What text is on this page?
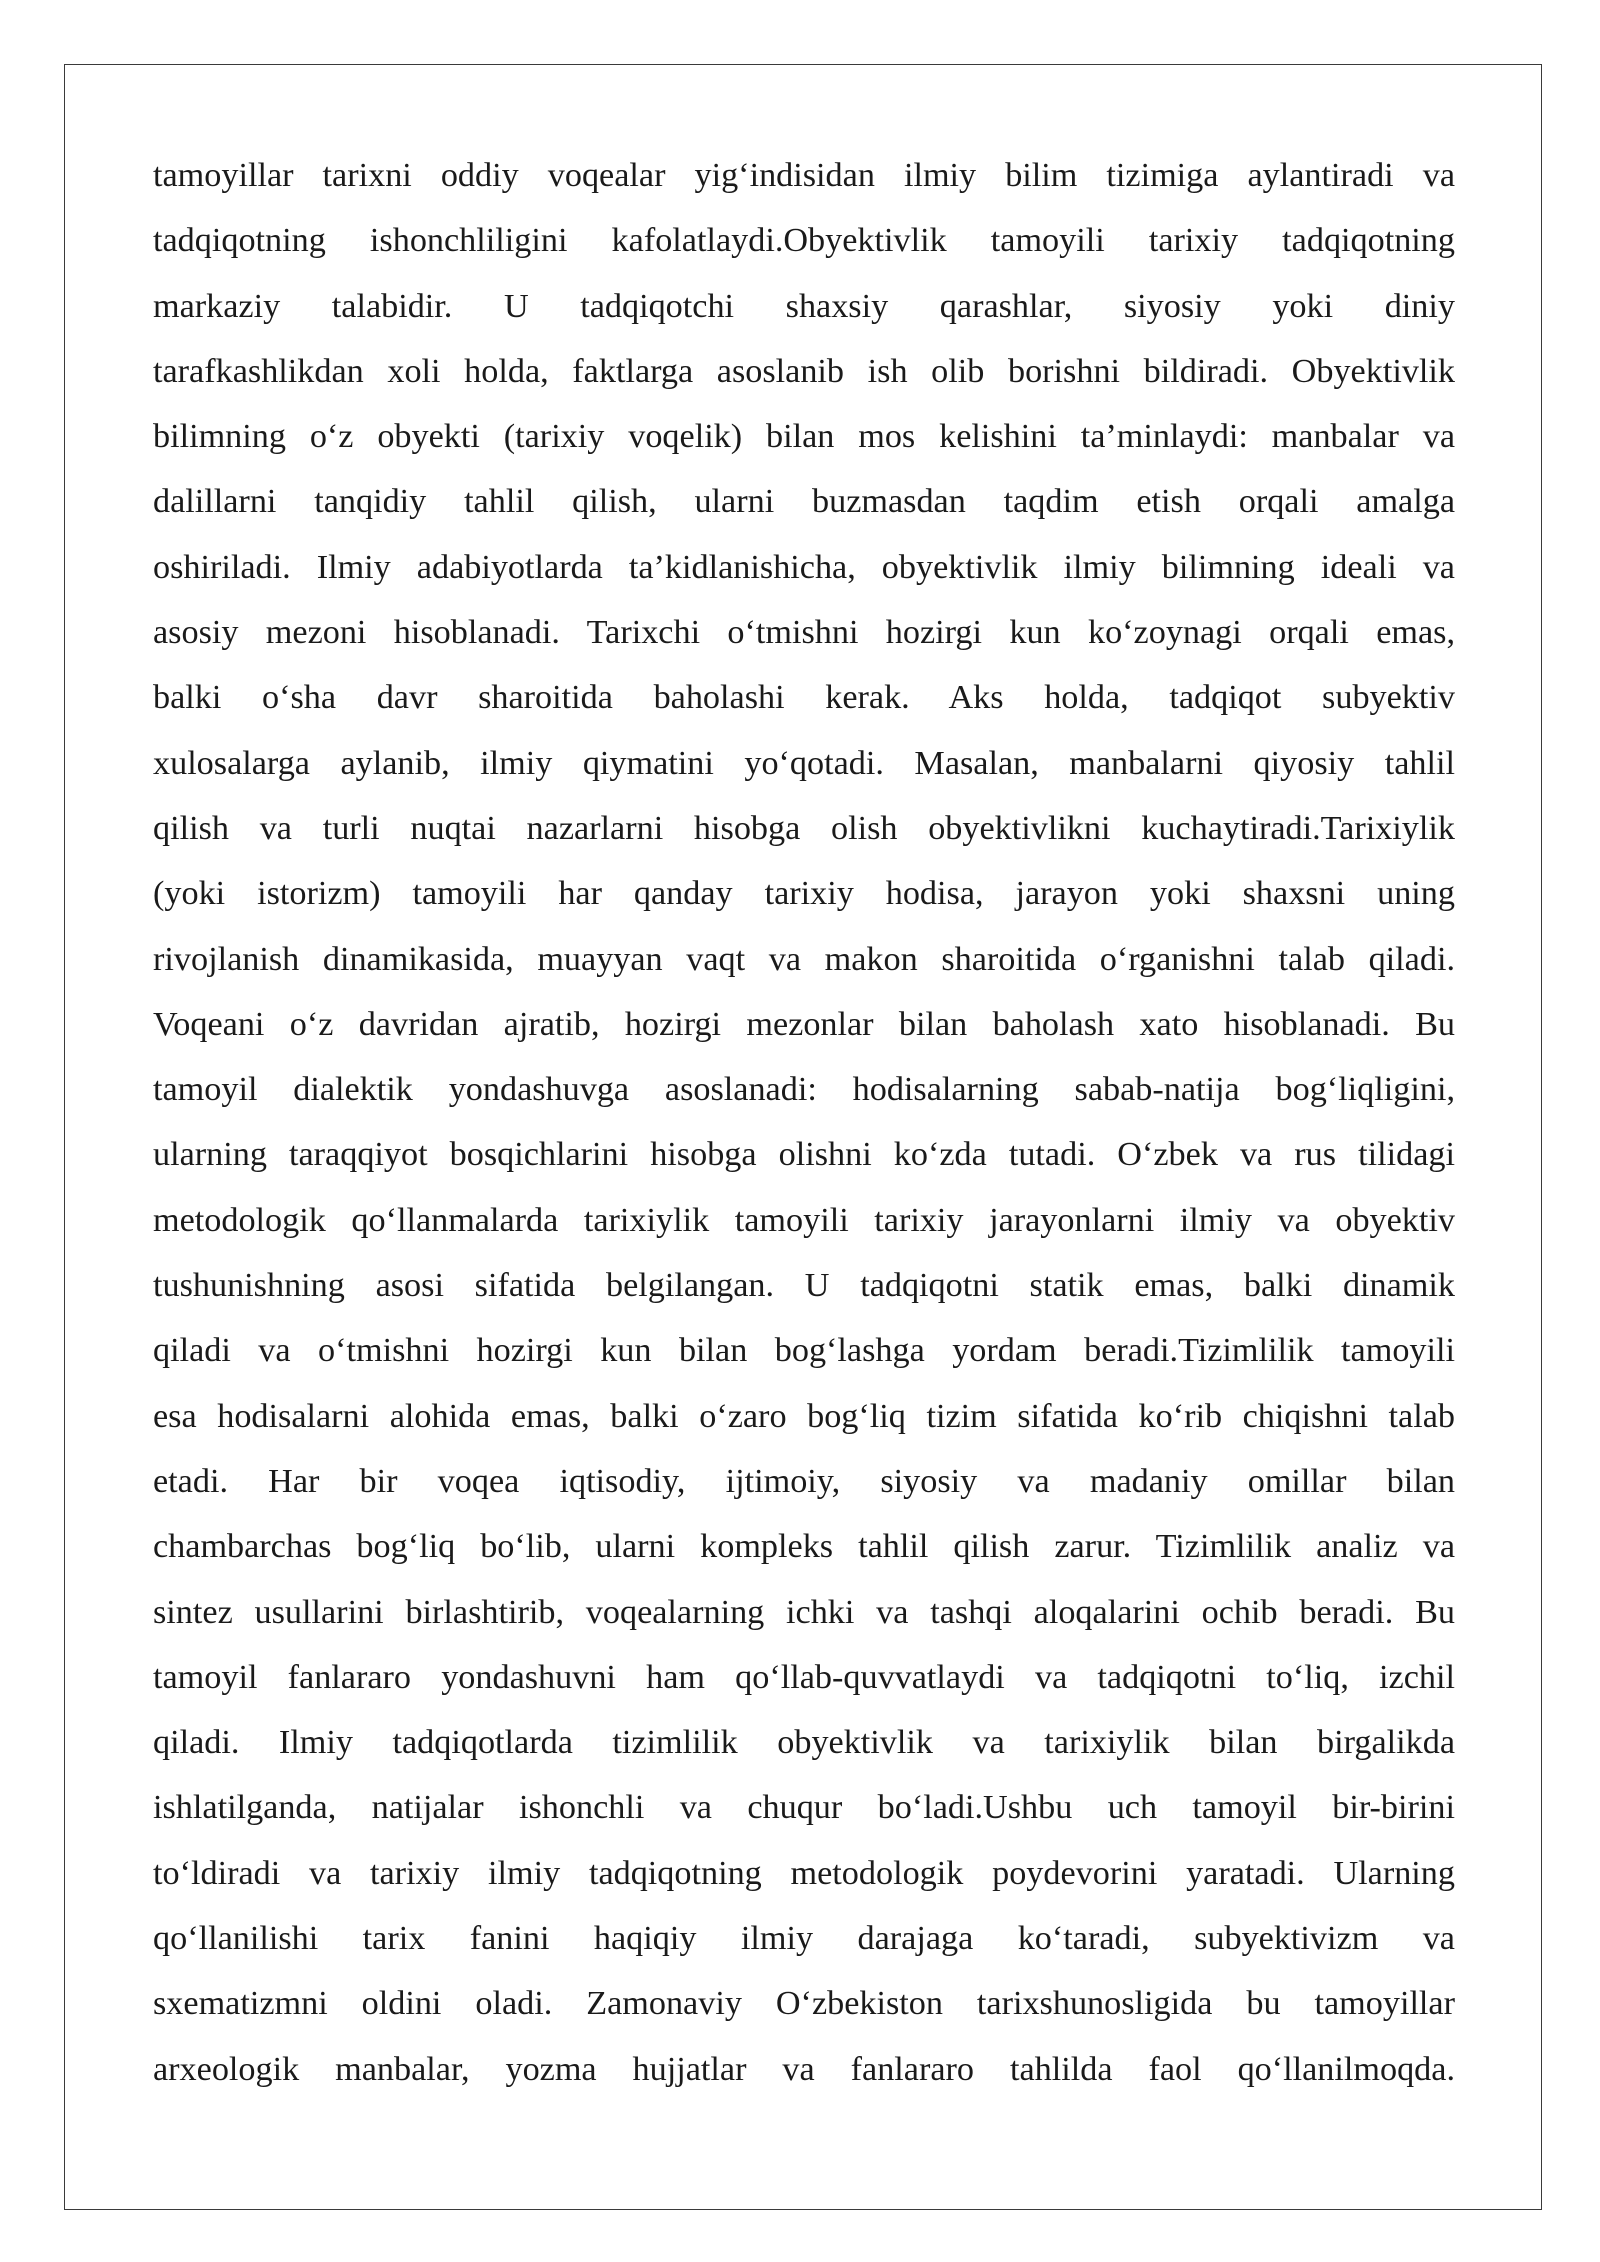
tamoyillar tarixni oddiy voqealar yig‘indisidan ilmiy bilim tizimiga aylantiradi va
tadqiqotning ishonchliligini kafolatlaydi.Obyektivlik tamoyili tarixiy tadqiqotning
markaziy talabidir. U tadqiqotchi shaxsiy qarashlar, siyosiy yoki diniy
tarafkashlikdan xoli holda, faktlarga asoslanib ish olib borishni bildiradi. Obyektivlik
bilimning o‘z obyekti (tarixiy voqelik) bilan mos kelishini ta’minlaydi: manbalar va
dalillarni tanqidiy tahlil qilish, ularni buzmasdan taqdim etish orqali amalga
oshiriladi. Ilmiy adabiyotlarda ta’kidlanishicha, obyektivlik ilmiy bilimning ideali va
asosiy mezoni hisoblanadi. Tarixchi o‘tmishni hozirgi kun ko‘zoynagi orqali emas,
balki o‘sha davr sharoitida baholashi kerak. Aks holda, tadqiqot subyektiv
xulosalarga aylanib, ilmiy qiymatini yo‘qotadi. Masalan, manbalarni qiyosiy tahlil
qilish va turli nuqtai nazarlarni hisobga olish obyektivlikni kuchaytiradi.Tarixiylik
(yoki istorizm) tamoyili har qanday tarixiy hodisa, jarayon yoki shaxsni uning
rivojlanish dinamikasida, muayyan vaqt va makon sharoitida o‘rganishni talab qiladi.
Voqeani o‘z davridan ajratib, hozirgi mezonlar bilan baholash xato hisoblanadi. Bu
tamoyil dialektik yondashuvga asoslanadi: hodisalarning sabab-natija bog‘liqligini,
ularning taraqqiyot bosqichlarini hisobga olishni ko‘zda tutadi. O‘zbek va rus tilidagi
metodologik qo‘llanmalarda tarixiylik tamoyili tarixiy jarayonlarni ilmiy va obyektiv
tushunishning asosi sifatida belgilangan. U tadqiqotni statik emas, balki dinamik
qiladi va o‘tmishni hozirgi kun bilan bog‘lashga yordam beradi.Tizimlilik tamoyili
esa hodisalarni alohida emas, balki o‘zaro bog‘liq tizim sifatida ko‘rib chiqishni talab
etadi. Har bir voqea iqtisodiy, ijtimoiy, siyosiy va madaniy omillar bilan
chambarchas bog‘liq bo‘lib, ularni kompleks tahlil qilish zarur. Tizimlilik analiz va
sintez usullarini birlashtirib, voqealarning ichki va tashqi aloqalarini ochib beradi. Bu
tamoyil fanlararo yondashuvni ham qo‘llab-quvvatlaydi va tadqiqotni to‘liq, izchil
qiladi. Ilmiy tadqiqotlarda tizimlilik obyektivlik va tarixiylik bilan birgalikda
ishlatilganda, natijalar ishonchli va chuqur bo‘ladi.Ushbu uch tamoyil bir-birini
to‘ldiradi va tarixiy ilmiy tadqiqotning metodologik poydevorini yaratadi. Ularning
qo‘llanilishi tarix fanini haqiqiy ilmiy darajaga ko‘taradi, subyektivizm va
sxematizmni oldini oladi. Zamonaviy O‘zbekiston tarixshunosligida bu tamoyillar
arxeologik manbalar, yozma hujjatlar va fanlararo tahlilda faol qo‘llanilmoqda.
